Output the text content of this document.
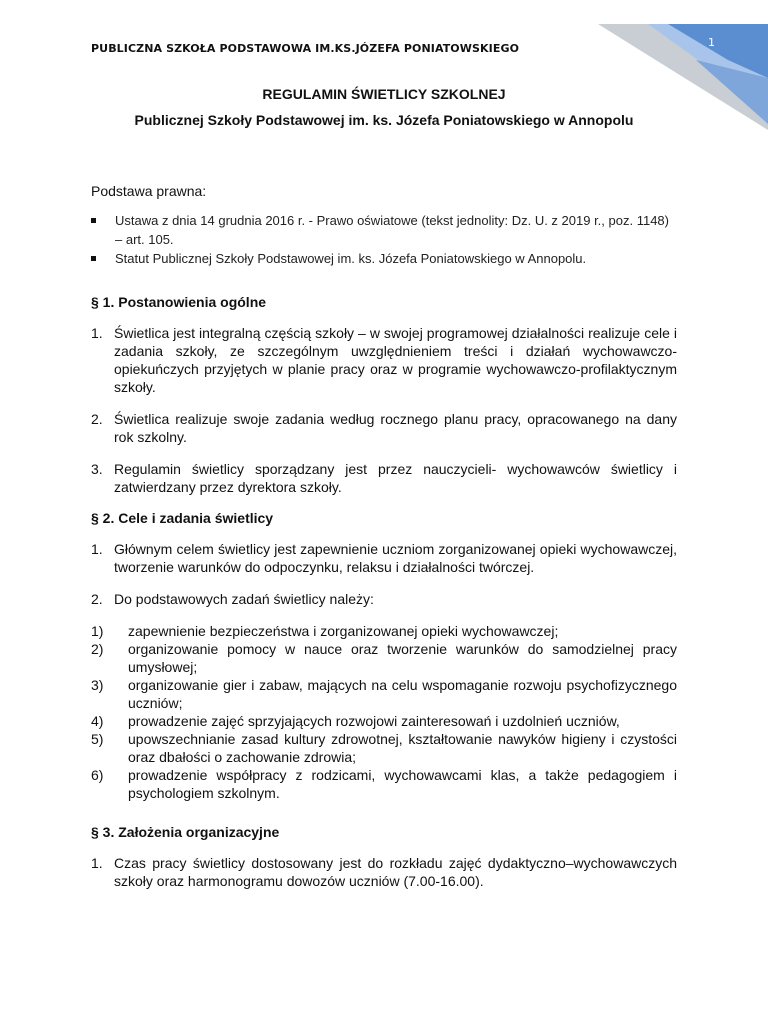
PUBLICZNA SZKOŁA PODSTAWOWA IM.KS.JÓZEFA PONIATOWSKIEGO	1
REGULAMIN ŚWIETLICY SZKOLNEJ
Publicznej Szkoły Podstawowej im. ks. Józefa Poniatowskiego w Annopolu

Podstawa prawna:

Ustawa z dnia 14 grudnia 2016 r. - Prawo oświatowe (tekst jednolity: Dz. U. z 2019 r., poz. 1148) – art. 105.
Statut Publicznej Szkoły Podstawowej im. ks. Józefa Poniatowskiego w Annopolu.
§ 1. Postanowienia ogólne
1. Świetlica jest integralną częścią szkoły – w swojej programowej działalności realizuje cele i zadania szkoły, ze szczególnym uwzględnieniem treści i działań wychowawczo-opiekuńczych przyjętych w planie pracy oraz w programie wychowawczo-profilaktycznym szkoły.
2. Świetlica realizuje swoje zadania według rocznego planu pracy, opracowanego na dany rok szkolny.
3. Regulamin świetlicy sporządzany jest przez nauczycieli- wychowawców świetlicy i zatwierdzany przez dyrektora szkoły.
§ 2. Cele i zadania świetlicy
1. Głównym celem świetlicy jest zapewnienie uczniom zorganizowanej opieki wychowawczej, tworzenie warunków do odpoczynku, relaksu i działalności twórczej.
2. Do podstawowych zadań świetlicy należy:
1) zapewnienie bezpieczeństwa i zorganizowanej opieki wychowawczej;
2) organizowanie pomocy w nauce oraz tworzenie warunków do samodzielnej pracy umysłowej;
3) organizowanie gier i zabaw, mających na celu wspomaganie rozwoju psychofizycznego uczniów;
4) prowadzenie zajęć sprzyjających rozwojowi zainteresowań i uzdolnień uczniów,
5) upowszechnianie zasad kultury zdrowotnej, kształtowanie nawyków higieny i czystości oraz dbałości o zachowanie zdrowia;
6) prowadzenie współpracy z rodzicami, wychowawcami klas, a także pedagogiem i psychologiem szkolnym.
§ 3. Założenia organizacyjne
1. Czas pracy świetlicy dostosowany jest do rozkładu zajęć dydaktyczno–wychowawczych szkoły oraz harmonogramu dowozów uczniów (7.00-16.00).
